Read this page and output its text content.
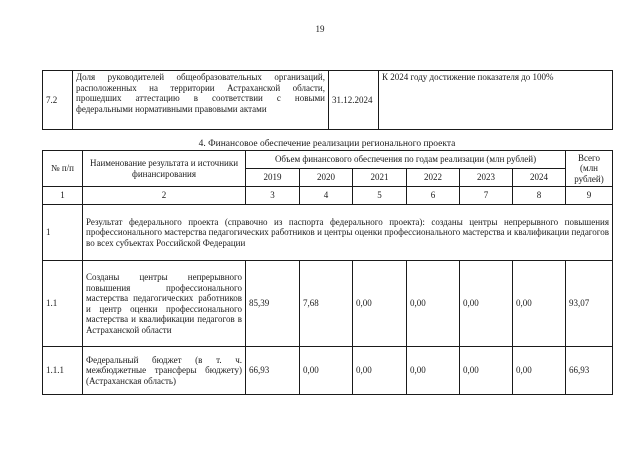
19
7.2	Доля руководителей общеобразовательных организаций, расположенных на территории Астраханской области, прошедших аттестацию в соответствии с новыми федеральными нормативными правовыми актами	31.12.2024	К 2024 году достижение показателя до 100%
4. Финансовое обеспечение реализации регионального проекта
№ п/п	Наименование результата и источники финансирования	Объем финансового обеспечения по годам реализации (млн рублей)						Всего (млн рублей)
		2019	2020	2021	2022	2023	2024	
1	2	3	4	5	6	7	8	9
1	Результат федерального проекта (справочно из паспорта федерального проекта): созданы центры непрерывного повышения профессионального мастерства педагогических работников и центры оценки профессионального мастерства и квалификации педагогов во всех субъектах Российской Федерации							
1.1	Созданы центры непрерывного повышения профессионального мастерства педагогических работников и центр оценки профессионального мастерства и квалификации педагогов в Астраханской области	85,39	7,68	0,00	0,00	0,00	0,00	93,07
1.1.1	Федеральный бюджет (в т. ч. межбюджетные трансферы бюджету) (Астраханская область)	66,93	0,00	0,00	0,00	0,00	0,00	66,93
